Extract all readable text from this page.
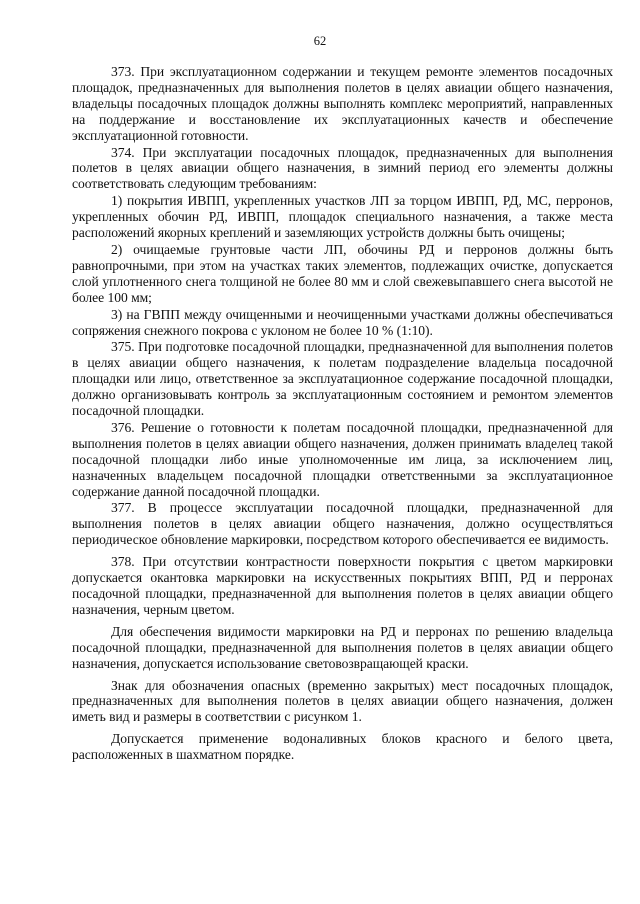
62

373. При эксплуатационном содержании и текущем ремонте элементов посадочных площадок, предназначенных для выполнения полетов в целях авиации общего назначения, владельцы посадочных площадок должны выполнять комплекс мероприятий, направленных на поддержание и восстановление их эксплуатационных качеств и обеспечение эксплуатационной готовности.

374. При эксплуатации посадочных площадок, предназначенных для выполнения полетов в целях авиации общего назначения, в зимний период его элементы должны соответствовать следующим требованиям:

1) покрытия ИВПП, укрепленных участков ЛП за торцом ИВПП, РД, МС, перронов, укрепленных обочин РД, ИВПП, площадок специального назначения, а также места расположений якорных креплений и заземляющих устройств должны быть очищены;

2) очищаемые грунтовые части ЛП, обочины РД и перронов должны быть равнопрочными, при этом на участках таких элементов, подлежащих очистке, допускается слой уплотненного снега толщиной не более 80 мм и слой свежевыпавшего снега высотой не более 100 мм;

3) на ГВПП между очищенными и неочищенными участками должны обеспечиваться сопряжения снежного покрова с уклоном не более 10 % (1:10).

375. При подготовке посадочной площадки, предназначенной для выполнения полетов в целях авиации общего назначения, к полетам подразделение владельца посадочной площадки или лицо, ответственное за эксплуатационное содержание посадочной площадки, должно организовывать контроль за эксплуатационным состоянием и ремонтом элементов посадочной площадки.

376. Решение о готовности к полетам посадочной площадки, предназначенной для выполнения полетов в целях авиации общего назначения, должен принимать владелец такой посадочной площадки либо иные уполномоченные им лица, за исключением лиц, назначенных владельцем посадочной площадки ответственными за эксплуатационное содержание данной посадочной площадки.

377. В процессе эксплуатации посадочной площадки, предназначенной для выполнения полетов в целях авиации общего назначения, должно осуществляться периодическое обновление маркировки, посредством которого обеспечивается ее видимость.

378. При отсутствии контрастности поверхности покрытия с цветом маркировки допускается окантовка маркировки на искусственных покрытиях ВПП, РД и перронах посадочной площадки, предназначенной для выполнения полетов в целях авиации общего назначения, черным цветом.

Для обеспечения видимости маркировки на РД и перронах по решению владельца посадочной площадки, предназначенной для выполнения полетов в целях авиации общего назначения, допускается использование световозвращающей краски.

Знак для обозначения опасных (временно закрытых) мест посадочных площадок, предназначенных для выполнения полетов в целях авиации общего назначения, должен иметь вид и размеры в соответствии с рисунком 1.

Допускается применение водоналивных блоков красного и белого цвета, расположенных в шахматном порядке.
